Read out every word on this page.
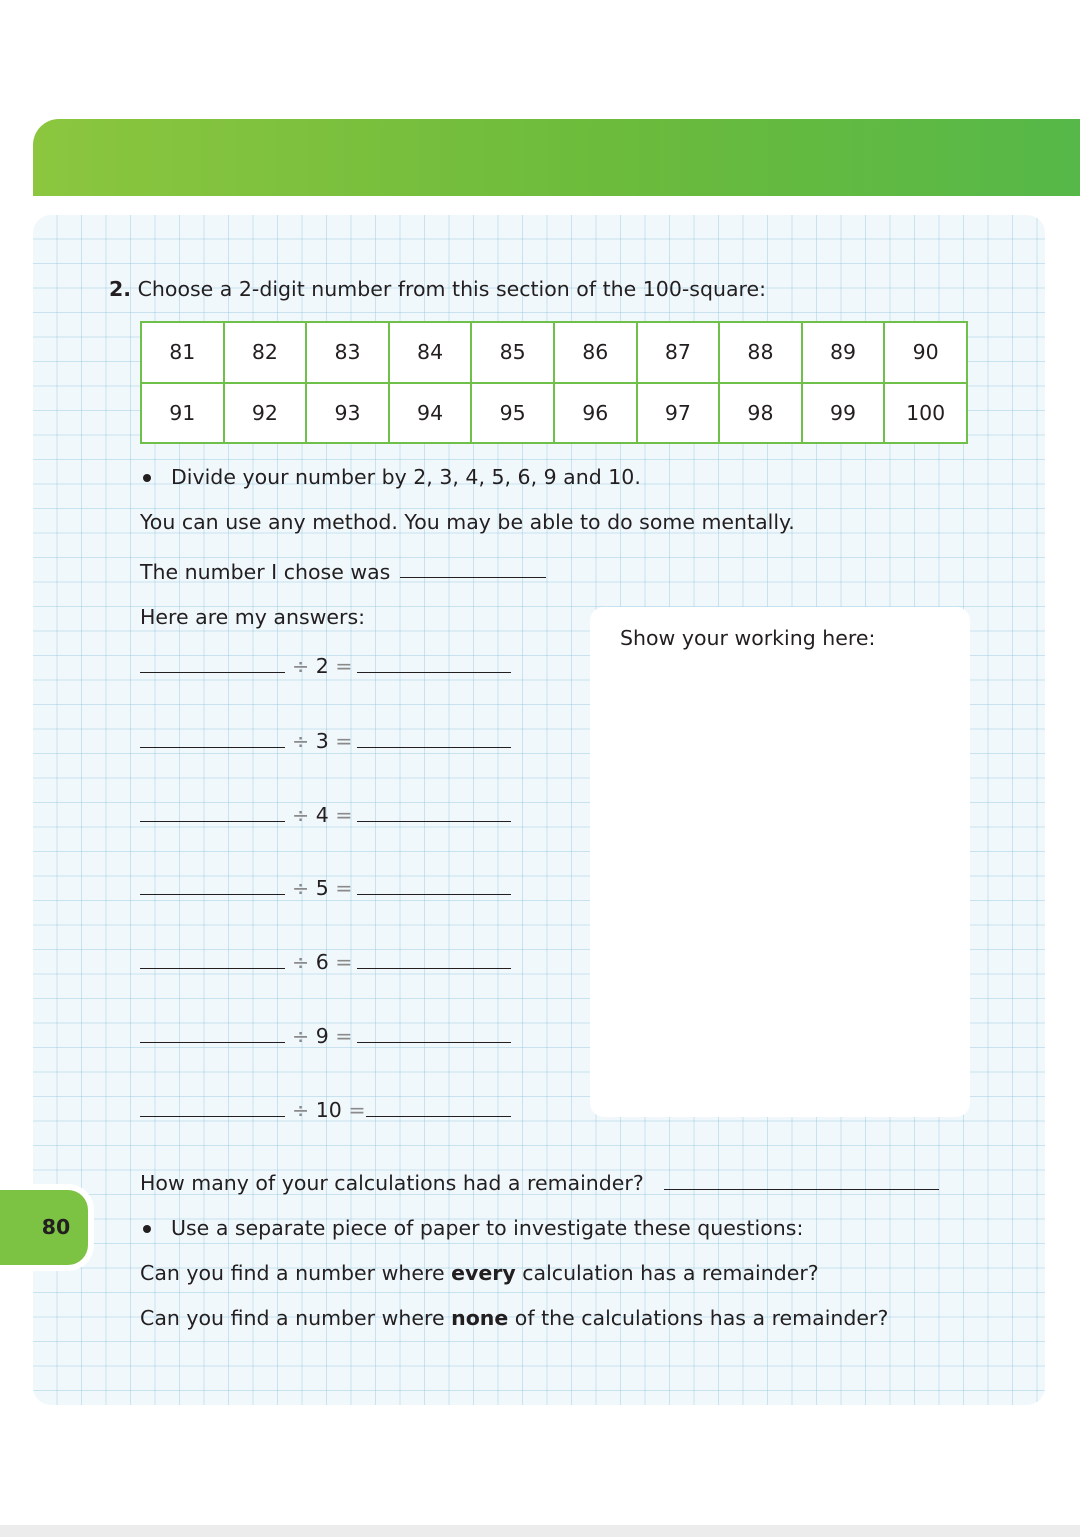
2. Choose a 2-digit number from this section of the 100-square:
81	82	83	84	85	86	87	88	89	90
91	92	93	94	95	96	97	98	99	100
Divide your number by 2, 3, 4, 5, 6, 9 and 10.
You can use any method. You may be able to do some mentally.
The number I chose was
Here are my answers:
÷ 2 =
÷ 3 =
÷ 4 =
÷ 5 =
÷ 6 =
÷ 9 =
÷ 10 =
Show your working here:
How many of your calculations had a remainder?
80	Use a separate piece of paper to investigate these questions:
Can you find a number where every calculation has a remainder?
Can you find a number where none of the calculations has a remainder?
